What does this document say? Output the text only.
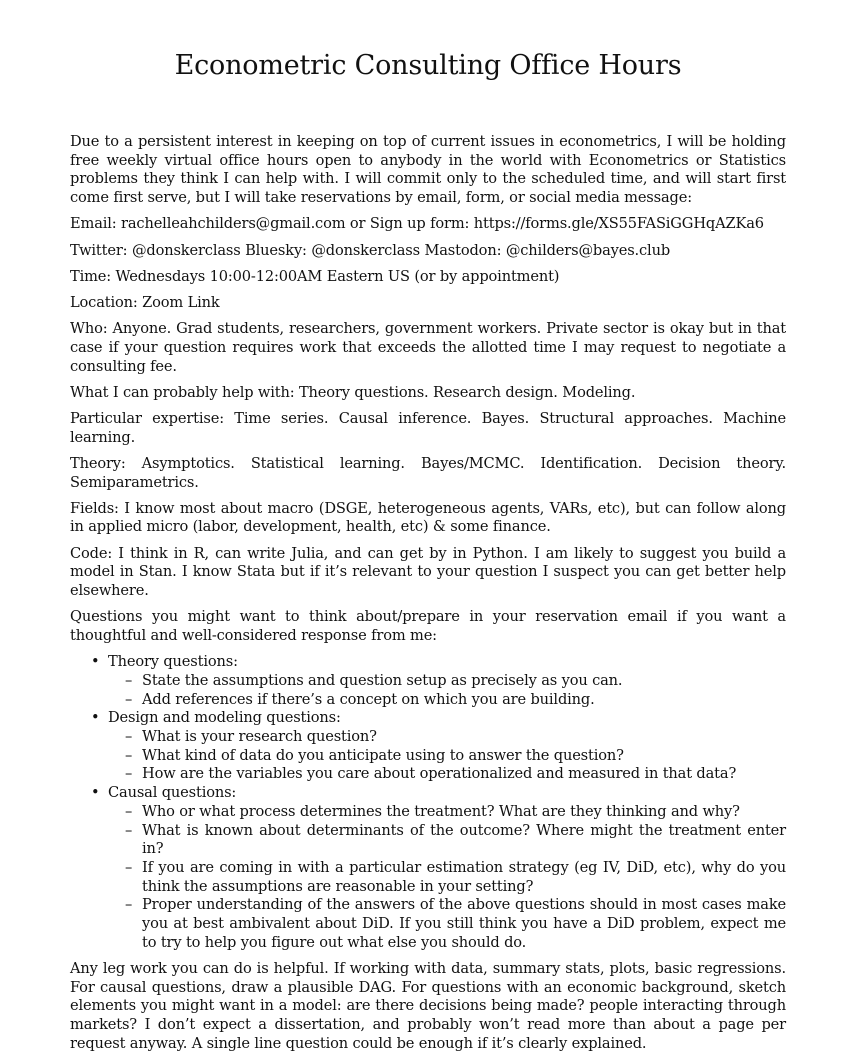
Econometric Consulting Office Hours

Due to a persistent interest in keeping on top of current issues in econometrics, I will be holding free weekly virtual office hours open to anybody in the world with Econometrics or Statistics problems they think I can help with. I will commit only to the scheduled time, and will start first come first serve, but I will take reservations by email, form, or social media message:

Email: rachelleahchilders@gmail.com or Sign up form: https://forms.gle/XS55FASiGGHqAZKa6

Twitter: @donskerclass Bluesky: @donskerclass Mastodon: @childers@bayes.club

Time: Wednesdays 10:00-12:00AM Eastern US (or by appointment)

Location: Zoom Link

Who: Anyone. Grad students, researchers, government workers. Private sector is okay but in that case if your question requires work that exceeds the allotted time I may request to negotiate a consulting fee.

What I can probably help with: Theory questions. Research design. Modeling.

Particular expertise: Time series. Causal inference. Bayes. Structural approaches. Machine learning.

Theory: Asymptotics. Statistical learning. Bayes/MCMC. Identification. Decision theory. Semiparametrics.

Fields: I know most about macro (DSGE, heterogeneous agents, VARs, etc), but can follow along in applied micro (labor, development, health, etc) & some finance.

Code: I think in R, can write Julia, and can get by in Python. I am likely to suggest you build a model in Stan. I know Stata but if it’s relevant to your question I suspect you can get better help elsewhere.

Questions you might want to think about/prepare in your reservation email if you want a thoughtful and well-considered response from me:

• Theory questions:
– State the assumptions and question setup as precisely as you can.
– Add references if there’s a concept on which you are building.
• Design and modeling questions:
– What is your research question?
– What kind of data do you anticipate using to answer the question?
– How are the variables you care about operationalized and measured in that data?
• Causal questions:
– Who or what process determines the treatment? What are they thinking and why?
– What is known about determinants of the outcome? Where might the treatment enter in?
– If you are coming in with a particular estimation strategy (eg IV, DiD, etc), why do you think the assumptions are reasonable in your setting?
– Proper understanding of the answers of the above questions should in most cases make you at best ambivalent about DiD. If you still think you have a DiD problem, expect me to try to help you figure out what else you should do.

Any leg work you can do is helpful. If working with data, summary stats, plots, basic regressions. For causal questions, draw a plausible DAG. For questions with an economic background, sketch elements you might want in a model: are there decisions being made? people interacting through markets? I don’t expect a dissertation, and probably won’t read more than about a page per request anyway. A single line question could be enough if it’s clearly explained.
